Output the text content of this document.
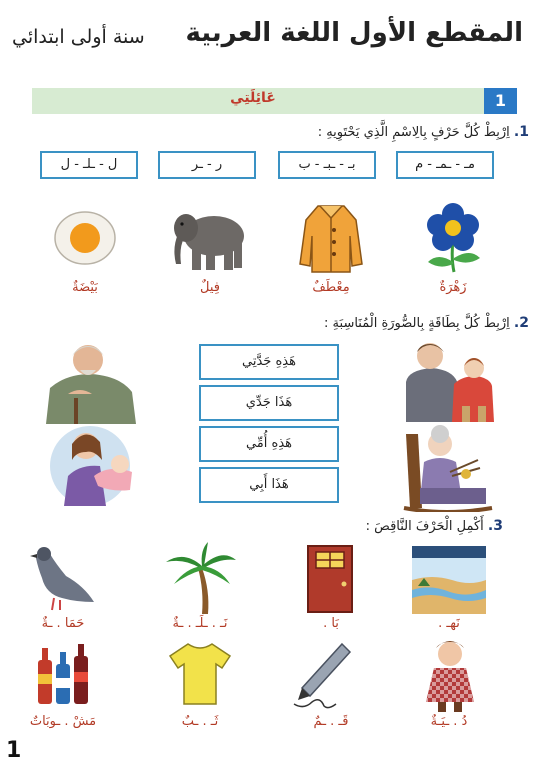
المقطع الأول اللغة العربية
سنة أولى ابتدائي
عَائِلَتِي	1
1. اِرْبِطْ كُلَّ حَرْفٍ بِالِاسْمِ الَّذِي يَحْتَوِيهِ :
مـ - ـمـ - م
بـ - ـبـ - ب
ر - ـر
ل - ـلـ - ل
زَهْرَةٌ
مِعْطَفٌ
فِيلٌ
بَيْضَةٌ
2. اِرْبِطْ كُلَّ بِطَاقَةٍ بِالصُّورَةِ الْمُنَاسِبَةِ :
هَذِهِ جَدَّتِي
هَذَا جَدِّي
هَذِهِ أُمِّي
هَذَا أَبِي
3. أَكْمِلِ الْحَرْفَ النَّاقِصَ :
نَهـ .
بَا .
نَـ . ـلَـ . ـةٌ
حَمَا . ـةٌ
دُ . ـيَـةٌ
قَـ . ـمٌ
ثَـ . ـبٌ
مَشْ . ـوبَاتٌ
1
